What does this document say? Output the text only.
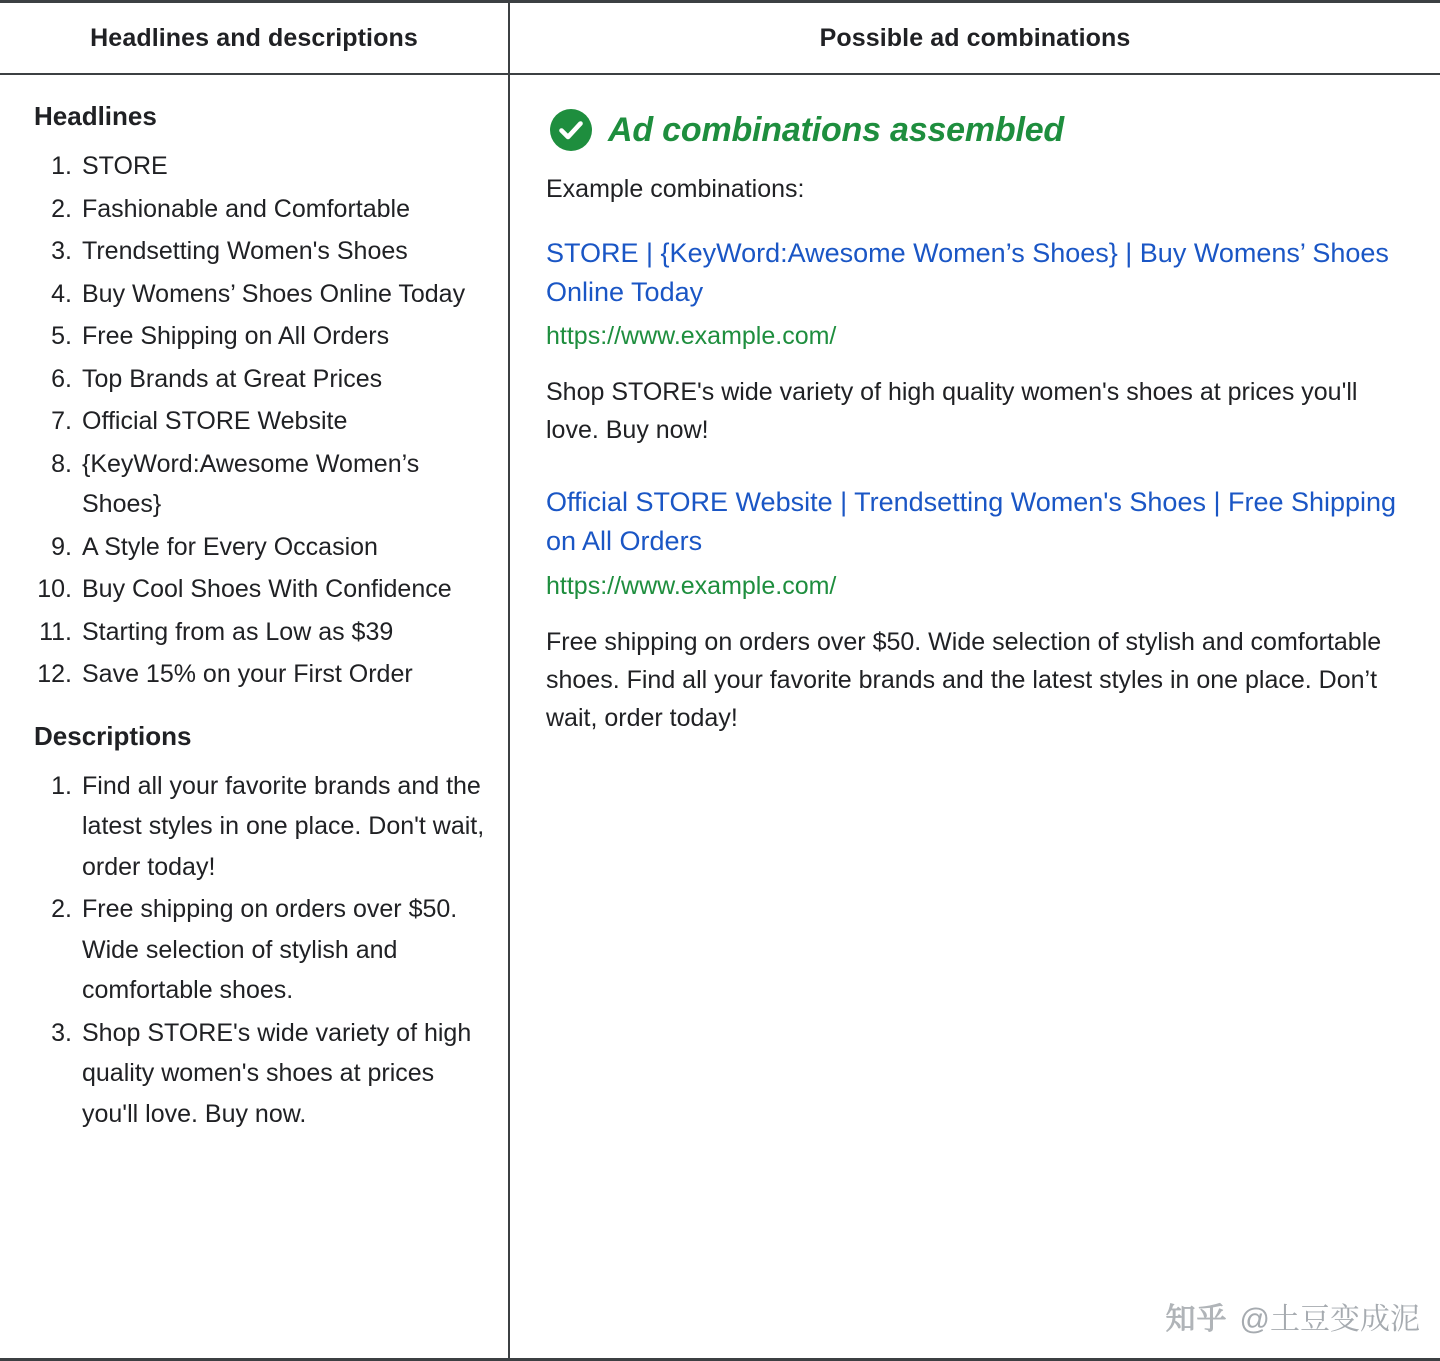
Headlines and descriptions	Possible ad combinations
Headlines
1. STORE
2. Fashionable and Comfortable
3. Trendsetting Women's Shoes
4. Buy Womens’ Shoes Online Today
5. Free Shipping on All Orders
6. Top Brands at Great Prices
7. Official STORE Website
8. {KeyWord:Awesome Women’s Shoes}
9. A Style for Every Occasion
10. Buy Cool Shoes With Confidence
11. Starting from as Low as $39
12. Save 15% on your First Order
Descriptions
1. Find all your favorite brands and the latest styles in one place. Don't wait, order today!
2. Free shipping on orders over $50. Wide selection of stylish and comfortable shoes.
3. Shop STORE's wide variety of high quality women's shoes at prices you'll love. Buy now.
Ad combinations assembled

Example combinations:

STORE | {KeyWord:Awesome Women’s Shoes} | Buy Womens’ Shoes Online Today
https://www.example.com/

Shop STORE's wide variety of high quality women's shoes at prices you'll love. Buy now!

Official STORE Website | Trendsetting Women's Shoes | Free Shipping on All Orders
https://www.example.com/

Free shipping on orders over $50. Wide selection of stylish and comfortable shoes. Find all your favorite brands and the latest styles in one place. Don’t wait, order today!

知乎 @土豆变成泥
